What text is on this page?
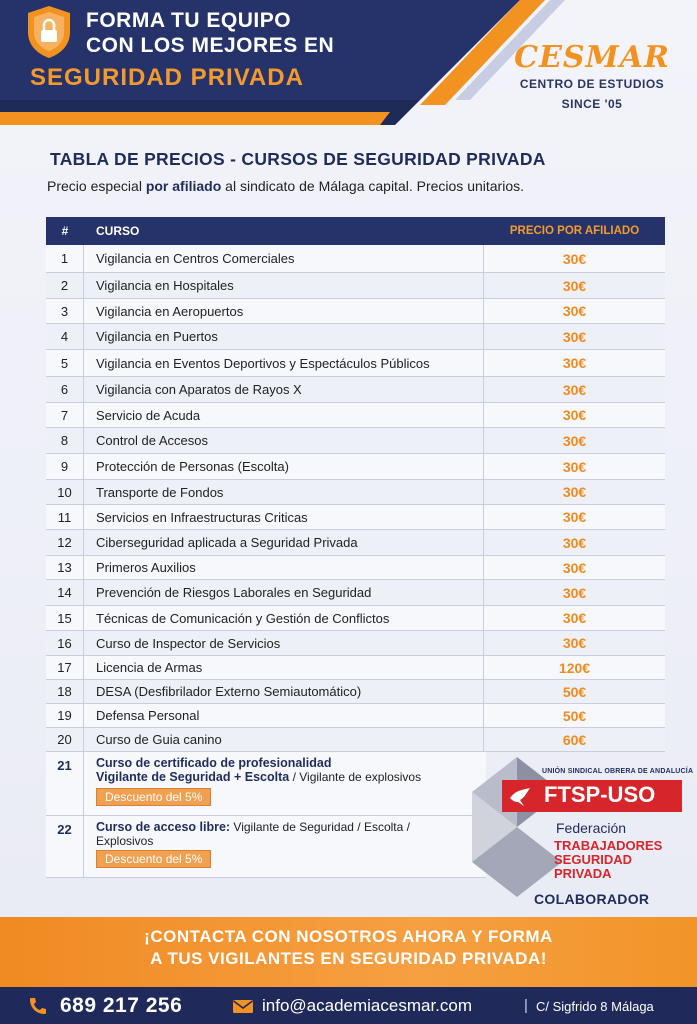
FORMA TU EQUIPO
CON LOS MEJORES EN
SEGURIDAD PRIVADA
CESMAR
CENTRO DE ESTUDIOS
SINCE '05
TABLA DE PRECIOS - CURSOS DE SEGURIDAD PRIVADA
Precio especial por afiliado al sindicato de Málaga capital. Precios unitarios.
#	CURSO	PRECIO POR AFILIADO
1	Vigilancia en Centros Comerciales	30€
2	Vigilancia en Hospitales	30€
3	Vigilancia en Aeropuertos	30€
4	Vigilancia en Puertos	30€
5	Vigilancia en Eventos Deportivos y Espectáculos Públicos	30€
6	Vigilancia con Aparatos de Rayos X	30€
7	Servicio de Acuda	30€
8	Control de Accesos	30€
9	Protección de Personas (Escolta)	30€
10	Transporte de Fondos	30€
11	Servicios en Infraestructuras Criticas	30€
12	Ciberseguridad aplicada a Seguridad Privada	30€
13	Primeros Auxilios	30€
14	Prevención de Riesgos Laborales en Seguridad	30€
15	Técnicas de Comunicación y Gestión de Conflictos	30€
16	Curso de Inspector de Servicios	30€
17	Licencia de Armas	120€
18	DESA (Desfibrilador Externo Semiautomático)	50€
19	Defensa Personal	50€
20	Curso de Guia canino	60€
21	Curso de certificado de profesionalidad
Vigilante de Seguridad + Escolta / Vigilante de explosivos
Descuento del 5%
22	Curso de acceso libre: Vigilante de Seguridad / Escolta / Explosivos
Descuento del 5%
UNIÓN SINDICAL OBRERA DE ANDALUCÍA
FTSP-USO
Federación
TRABAJADORES
SEGURIDAD
PRIVADA
COLABORADOR
¡CONTACTA CON NOSOTROS AHORA Y FORMA
A TUS VIGILANTES EN SEGURIDAD PRIVADA!
689 217 256	info@academiacesmar.com	| C/ Sigfrido 8 Málaga
